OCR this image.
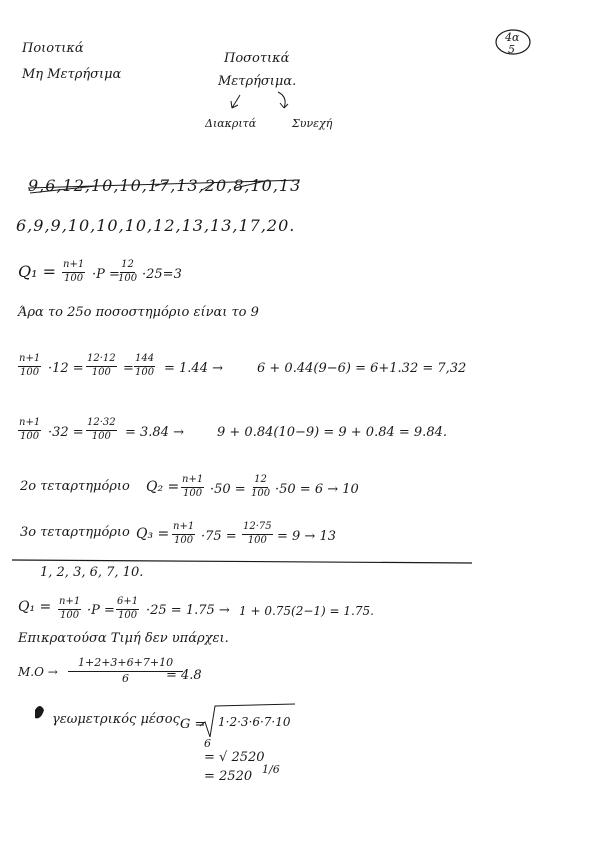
Ποιοτικά
Μη Μετρήσιμα
Ποσοτικά
Μετρήσιμα.
Διακριτά	Συνεχή
4α
5
9,6,12,10,10,17,13,20,8,10,13
6,9,9,10,10,10,12,13,13,17,20.
$Q_1 = \frac{n+1}{100} \cdot P$ =
$\frac{12}{100} \cdot 25=3$
Άρα το 25ο ποσοστημόριο είναι το 9
$\frac{n+1}{100} \cdot 12 = \frac{12\cdot 12}{100} = \frac{144}{100} = 1.44$ →	6 + 0.44(9−6) = 6+1.32 = 7,32
$\frac{n+1}{100} \cdot 32 = \frac{12\cdot 32}{100} = 3.84$ →	9 + 0.84(10−9) = 9 + 0.84 = 9.84.
2ο τεταρτημόριο $Q_2 = \frac{n+1}{100} \cdot 50 = \frac{12}{100} \cdot 50 = 6 \to 10$
3ο τεταρτημόριο $Q_3 = \frac{n+1}{100} \cdot 75 = \frac{12\cdot 75}{100} = 9 \to 13$
1, 2, 3, 6, 7, 10.
$Q_1 = \frac{n+1}{100} \cdot P = \frac{6+1}{100} \cdot 25 = 1.75 \to 1 + 0.75(2-1) = 1.75$.
Επικρατούσα Τιμή δεν υπάρχει.
$M.O \to \frac{1+2+3+6+7+10}{6}$
= 4.8
γεωμετρικός μέσος.
G = 1·2·3·6·7·10
6
= √ 2520
= 2520 1/6
